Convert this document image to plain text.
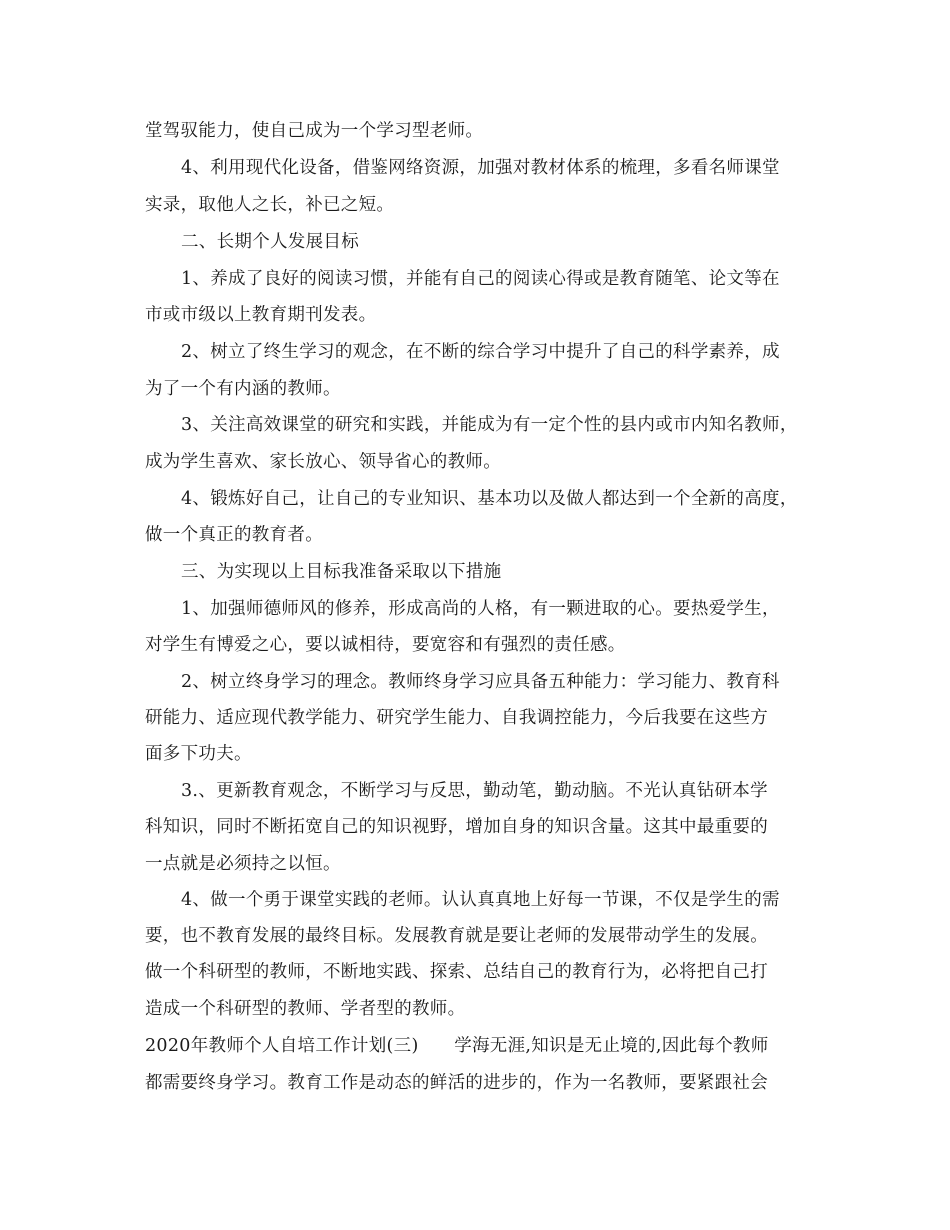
堂驾驭能力，使自己成为一个学习型老师。
4、利用现代化设备，借鉴网络资源，加强对教材体系的梳理，多看名师课堂
实录，取他人之长，补已之短。
二、长期个人发展目标
1、养成了良好的阅读习惯，并能有自己的阅读心得或是教育随笔、论文等在
市或市级以上教育期刊发表。
2、树立了终生学习的观念，在不断的综合学习中提升了自己的科学素养，成
为了一个有内涵的教师。
3、关注高效课堂的研究和实践，并能成为有一定个性的县内或市内知名教师，
成为学生喜欢、家长放心、领导省心的教师。
4、锻炼好自己，让自己的专业知识、基本功以及做人都达到一个全新的高度，
做一个真正的教育者。
三、为实现以上目标我准备采取以下措施
1、加强师德师风的修养，形成高尚的人格，有一颗进取的心。要热爱学生，
对学生有博爱之心，要以诚相待，要宽容和有强烈的责任感。
2、树立终身学习的理念。教师终身学习应具备五种能力：学习能力、教育科
研能力、适应现代教学能力、研究学生能力、自我调控能力，今后我要在这些方
面多下功夫。
3.、更新教育观念，不断学习与反思，勤动笔，勤动脑。不光认真钻研本学
科知识，同时不断拓宽自己的知识视野，增加自身的知识含量。这其中最重要的
一点就是必须持之以恒。
4、做一个勇于课堂实践的老师。认认真真地上好每一节课，不仅是学生的需
要，也不教育发展的最终目标。发展教育就是要让老师的发展带动学生的发展。
做一个科研型的教师，不断地实践、探索、总结自己的教育行为，必将把自己打
造成一个科研型的教师、学者型的教师。
2020年教师个人自培工作计划(三)　　学海无涯,知识是无止境的,因此每个教师
都需要终身学习。教育工作是动态的鲜活的进步的，作为一名教师，要紧跟社会
